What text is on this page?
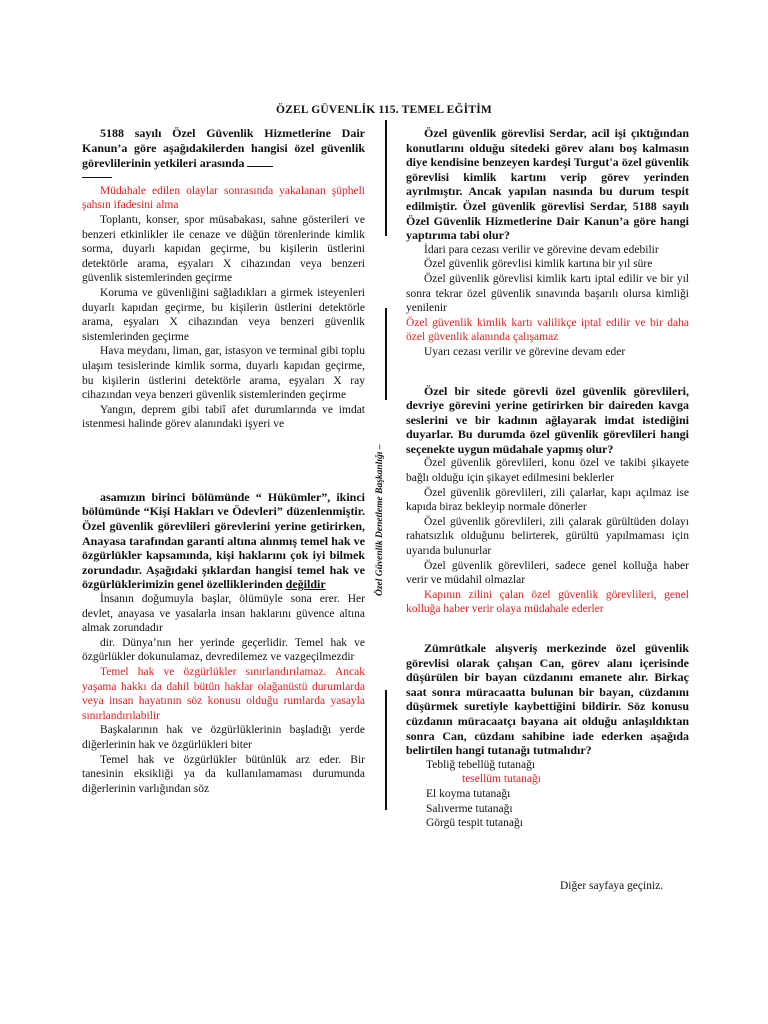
ÖZEL GÜVENLİK 115. TEMEL EĞİTİM

5188 sayılı Özel Güvenlik Hizmetlerine Dair Kanun’a göre aşağıdakilerden hangisi özel güvenlik görevlilerinin yetkileri arasında

Müdahale edilen olaylar sonrasında yakalanan şüpheli şahsın ifadesini alma

Toplantı, konser, spor müsabakası, sahne gösterileri ve benzeri etkinlikler ile cenaze ve düğün törenlerinde kimlik sorma, duyarlı kapıdan geçirme, bu kişilerin üstlerini detektörle arama, eşyaları X cihazından veya benzeri güvenlik sistemlerinden geçirme

Koruma ve güvenliğini sağladıkları a girmek isteyenleri duyarlı kapıdan geçirme, bu kişilerin üstlerini detektörle arama, eşyaları X cihazından veya benzeri güvenlik sistemlerinden geçirme

Hava meydanı, liman, gar, istasyon ve terminal gibi toplu ulaşım tesislerinde kimlik sorma, duyarlı kapıdan geçirme, bu kişilerin üstlerini detektörle arama, eşyaları X ray cihazından veya benzeri güvenlik sistemlerinden geçirme

Yangın, deprem gibi tabiî afet durumlarında ve imdat istenmesi halinde görev alanındaki işyeri ve

asamızın birinci bölümünde “ Hükümler”, ikinci bölümünde “Kişi Hakları ve Ödevleri” düzenlenmiştir. Özel güvenlik görevlileri görevlerini yerine getirirken, Anayasa tarafından garanti altına alınmış temel hak ve özgürlükler kapsamında, kişi haklarını çok iyi bilmek zorundadır. Aşağıdaki şıklardan hangisi temel hak ve özgürlüklerimizin genel özelliklerinden değildir

İnsanın doğumuyla başlar, ölümüyle sona erer. Her devlet, anayasa ve yasalarla insan haklarını güvence altına almak zorundadır

dir. Dünya’nın her yerinde geçerlidir. Temel hak ve özgürlükler dokunulamaz, devredilemez ve vazgeçilmezdir

Temel hak ve özgürlükler sınırlandırılamaz. Ancak yaşama hakkı da dahil bütün haklar olağanüstü durumlarda veya insan hayatının söz konusu olduğu rumlarda yasayla sınırlandırılabilir

Başkalarının hak ve özgürlüklerinin başladığı yerde diğerlerinin hak ve özgürlükleri biter

Temel hak ve özgürlükler bütünlük arz eder. Bir tanesinin eksikliği ya da kullanılamaması durumunda diğerlerinin varlığından söz

Özel Güvenlik Denetleme Başkanlığı –

Özel güvenlik görevlisi Serdar, acil işi çıktığından konutlarını olduğu sitedeki görev alanı boş kalmasın diye kendisine benzeyen kardeşi Turgut'a özel güvenlik görevlisi kimlik kartını verip görev yerinden ayrılmıştır. Ancak yapılan nasında bu durum tespit edilmiştir. Özel güvenlik görevlisi Serdar, 5188 sayılı Özel Güvenlik Hizmetlerine Dair Kanun’a göre hangi yaptırıma tabi olur?

İdari para cezası verilir ve görevine devam edebilir

Özel güvenlik görevlisi kimlik kartına bir yıl süre

Özel güvenlik görevlisi kimlik kartı iptal edilir ve bir yıl sonra tekrar özel güvenlik sınavında başarılı olursa kimliği yenilenir

Özel güvenlik kimlik kartı valilikçe iptal edilir ve bir daha özel güvenlik alanında çalışamaz

Uyarı cezası verilir ve görevine devam eder

Özel bir sitede görevli özel güvenlik görevlileri, devriye görevini yerine getirirken bir daireden kavga seslerini ve bir kadının ağlayarak imdat istediğini duyarlar. Bu durumda özel güvenlik görevlileri hangi seçenekte uygun müdahale yapmış olur?

Özel güvenlik görevlileri, konu özel ve takibi şikayete bağlı olduğu için şikayet edilmesini beklerler

Özel güvenlik görevlileri, zili çalarlar, kapı açılmaz ise kapıda biraz bekleyip normale dönerler

Özel güvenlik görevlileri, zili çalarak gürültüden dolayı rahatsızlık olduğunu belirterek, gürültü yapılmaması için uyarıda bulunurlar

Özel güvenlik görevlileri, sadece genel kolluğa haber verir ve müdahil olmazlar

Kapının zilini çalan özel güvenlik görevlileri, genel kolluğa haber verir olaya müdahale ederler

Zümrütkale alışveriş merkezinde özel güvenlik görevlisi olarak çalışan Can, görev alanı içerisinde düşürülen bir bayan cüzdanını emanete alır. Birkaç saat sonra müracaatta bulunan bir bayan, cüzdanını düşürmek suretiyle kaybettiğini bildirir. Söz konusu cüzdanın müracaatçı bayana ait olduğu anlaşıldıktan sonra Can, cüzdanı sahibine iade ederken aşağıda belirtilen hangi tutanağı tutmalıdır?

Tebliğ tebellüğ tutanağı

tesellüm tutanağı

El koyma tutanağı

Salıverme tutanağı

Görgü tespit tutanağı

Diğer sayfaya geçiniz.
